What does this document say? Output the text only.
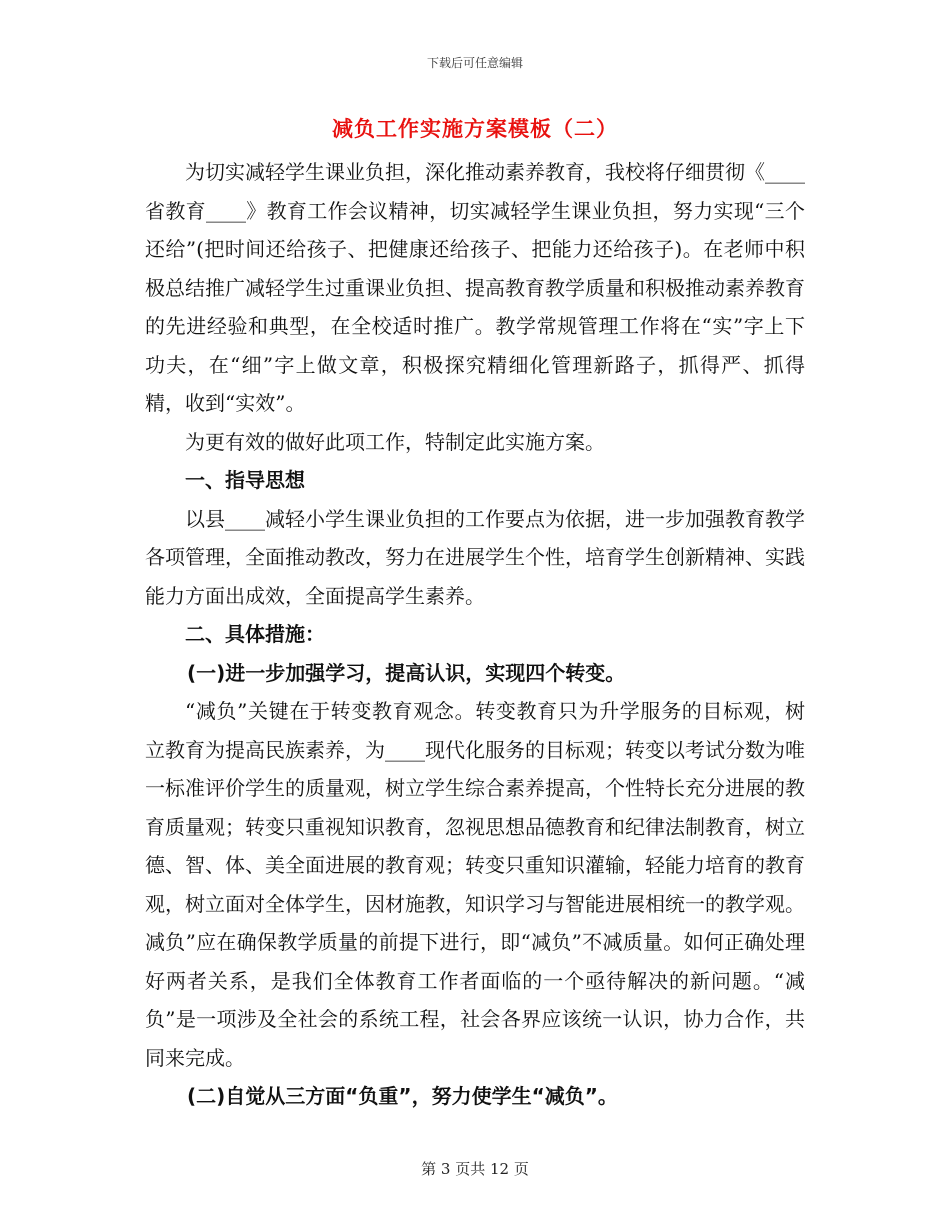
下载后可任意编辑
减负工作实施方案模板（二）

为切实减轻学生课业负担，深化推动素养教育，我校将仔细贯彻《____省教育____》教育工作会议精神，切实减轻学生课业负担，努力实现“三个还给”(把时间还给孩子、把健康还给孩子、把能力还给孩子)。在老师中积极总结推广减轻学生过重课业负担、提高教育教学质量和积极推动素养教育的先进经验和典型，在全校适时推广。教学常规管理工作将在“实”字上下功夫，在“细”字上做文章，积极探究精细化管理新路子，抓得严、抓得精，收到“实效”。

为更有效的做好此项工作，特制定此实施方案。

一、指导思想

以县____减轻小学生课业负担的工作要点为依据，进一步加强教育教学各项管理，全面推动教改，努力在进展学生个性，培育学生创新精神、实践能力方面出成效，全面提高学生素养。

二、具体措施：

(一)进一步加强学习，提高认识，实现四个转变。

“减负”关键在于转变教育观念。转变教育只为升学服务的目标观，树立教育为提高民族素养，为____现代化服务的目标观；转变以考试分数为唯一标准评价学生的质量观，树立学生综合素养提高，个性特长充分进展的教育质量观；转变只重视知识教育，忽视思想品德教育和纪律法制教育，树立德、智、体、美全面进展的教育观；转变只重知识灌输，轻能力培育的教育观，树立面对全体学生，因材施教，知识学习与智能进展相统一的教学观。减负”应在确保教学质量的前提下进行，即“减负”不减质量。如何正确处理好两者关系，是我们全体教育工作者面临的一个亟待解决的新问题。“减负”是一项涉及全社会的系统工程，社会各界应该统一认识，协力合作，共同来完成。

(二)自觉从三方面“负重”，努力使学生“减负”。

第 3 页共 12 页
